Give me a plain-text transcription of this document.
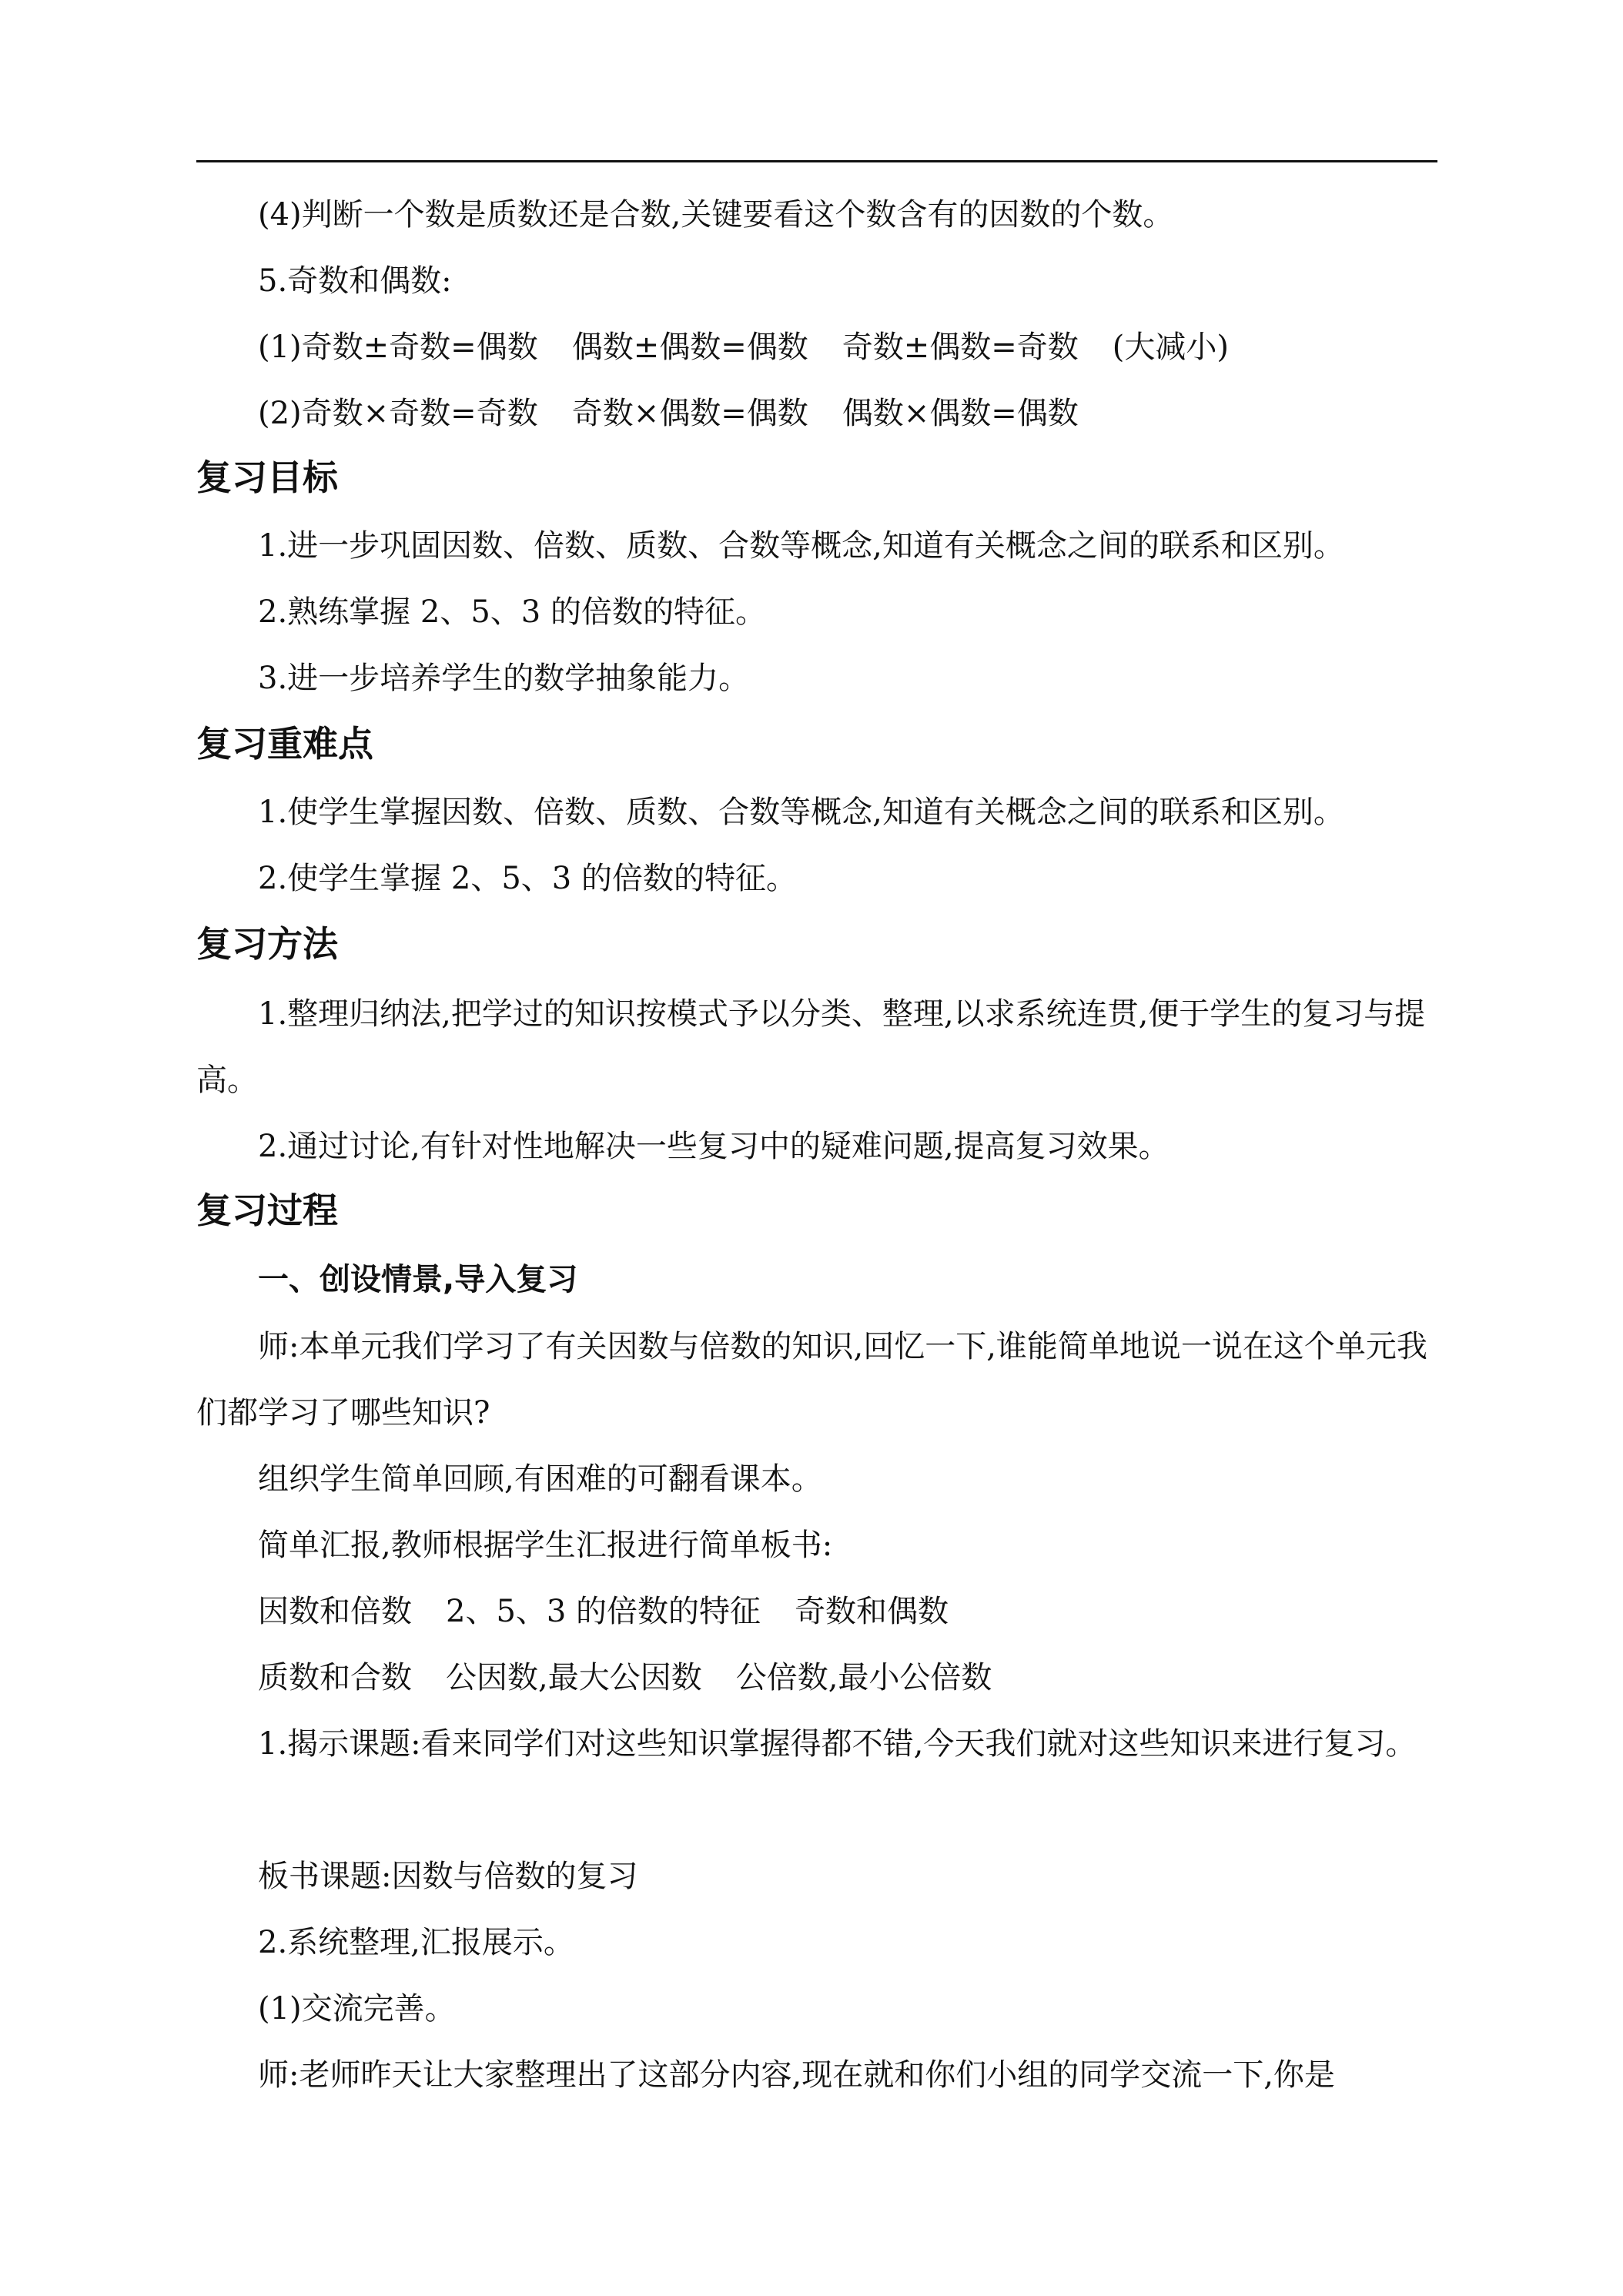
(4)判断一个数是质数还是合数,关键要看这个数含有的因数的个数。

5.奇数和偶数:

(1)奇数±奇数=偶数 偶数±偶数=偶数 奇数±偶数=奇数 (大减小)

(2)奇数×奇数=奇数 奇数×偶数=偶数 偶数×偶数=偶数

复习目标

1.进一步巩固因数、倍数、质数、合数等概念,知道有关概念之间的联系和区别。

2.熟练掌握 2、5、3 的倍数的特征。

3.进一步培养学生的数学抽象能力。

复习重难点

1.使学生掌握因数、倍数、质数、合数等概念,知道有关概念之间的联系和区别。

2.使学生掌握 2、5、3 的倍数的特征。

复习方法

1.整理归纳法,把学过的知识按模式予以分类、整理,以求系统连贯,便于学生的复习与提高。

2.通过讨论,有针对性地解决一些复习中的疑难问题,提高复习效果。

复习过程
一、创设情景,导入复习

师:本单元我们学习了有关因数与倍数的知识,回忆一下,谁能简单地说一说在这个单元我们都学习了哪些知识?

组织学生简单回顾,有困难的可翻看课本。

简单汇报,教师根据学生汇报进行简单板书:

因数和倍数 2、5、3 的倍数的特征 奇数和偶数

质数和合数 公因数,最大公因数 公倍数,最小公倍数

1.揭示课题:看来同学们对这些知识掌握得都不错,今天我们就对这些知识来进行复习。

板书课题:因数与倍数的复习

2.系统整理,汇报展示。

(1)交流完善。

师:老师昨天让大家整理出了这部分内容,现在就和你们小组的同学交流一下,你是
